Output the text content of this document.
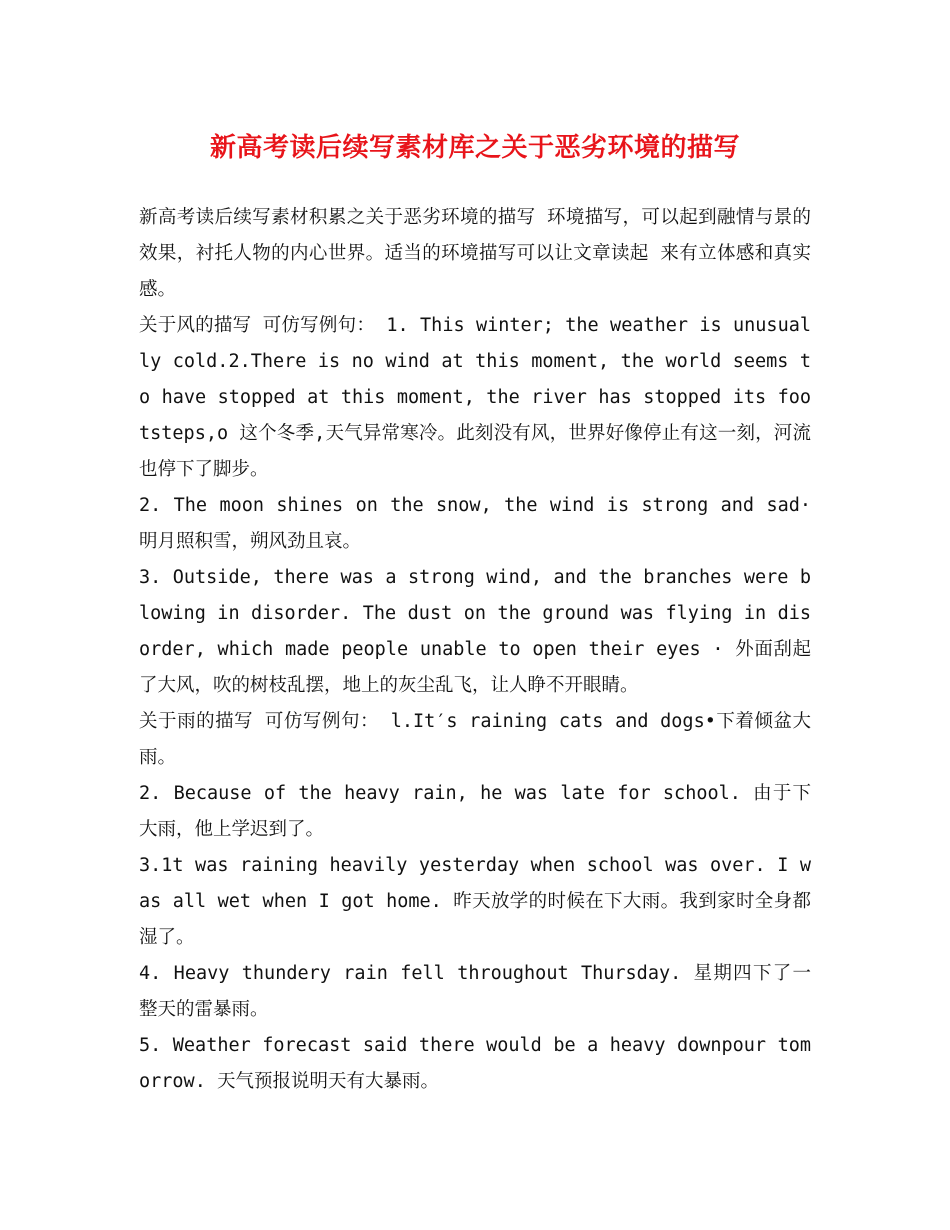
新高考读后续写素材库之关于恶劣环境的描写

新高考读后续写素材积累之关于恶劣环境的描写 环境描写，可以起到融情与景的效果，衬托人物的内心世界。适当的环境描写可以让文章读起 来有立体感和真实感。

关于风的描写 可仿写例句： 1. This winter; the weather is unusually cold.2.There is no wind at this moment, the world seems to have stopped at this moment, the river has stopped its footsteps,o 这个冬季,天气异常寒冷。此刻没有风，世界好像停止有这一刻，河流也停下了脚步。

2. The moon shines on the snow, the wind is strong and sad·明月照积雪，朔风劲且哀。

3. Outside, there was a strong wind, and the branches were blowing in disorder. The dust on the ground was flying in disorder, which made people unable to open their eyes · 外面刮起了大风，吹的树枝乱摆，地上的灰尘乱飞，让人睁不开眼睛。

关于雨的描写 可仿写例句： l.It′s raining cats and dogs•下着倾盆大雨。

2. Because of the heavy rain, he was late for school. 由于下大雨，他上学迟到了。

3.1t was raining heavily yesterday when school was over. I was all wet when I got home. 昨天放学的时候在下大雨。我到家时全身都湿了。

4. Heavy thundery rain fell throughout Thursday. 星期四下了一整天的雷暴雨。

5. Weather forecast said there would be a heavy downpour tomorrow. 天气预报说明天有大暴雨。
